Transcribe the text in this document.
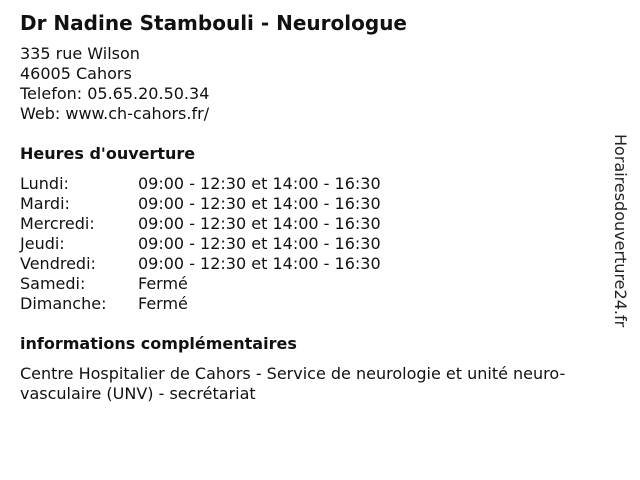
Dr Nadine Stambouli - Neurologue
335 rue Wilson
46005 Cahors
Telefon: 05.65.20.50.34
Web: www.ch-cahors.fr/
Heures d'ouverture
Lundi:	09:00 - 12:30 et 14:00 - 16:30
Mardi:	09:00 - 12:30 et 14:00 - 16:30
Mercredi:	09:00 - 12:30 et 14:00 - 16:30
Jeudi:	09:00 - 12:30 et 14:00 - 16:30
Vendredi:	09:00 - 12:30 et 14:00 - 16:30
Samedi:	Fermé
Dimanche:	Fermé
informations complémentaires
Centre Hospitalier de Cahors - Service de neurologie et unité neuro-vasculaire (UNV) - secrétariat
Horairesdouverture24.fr
